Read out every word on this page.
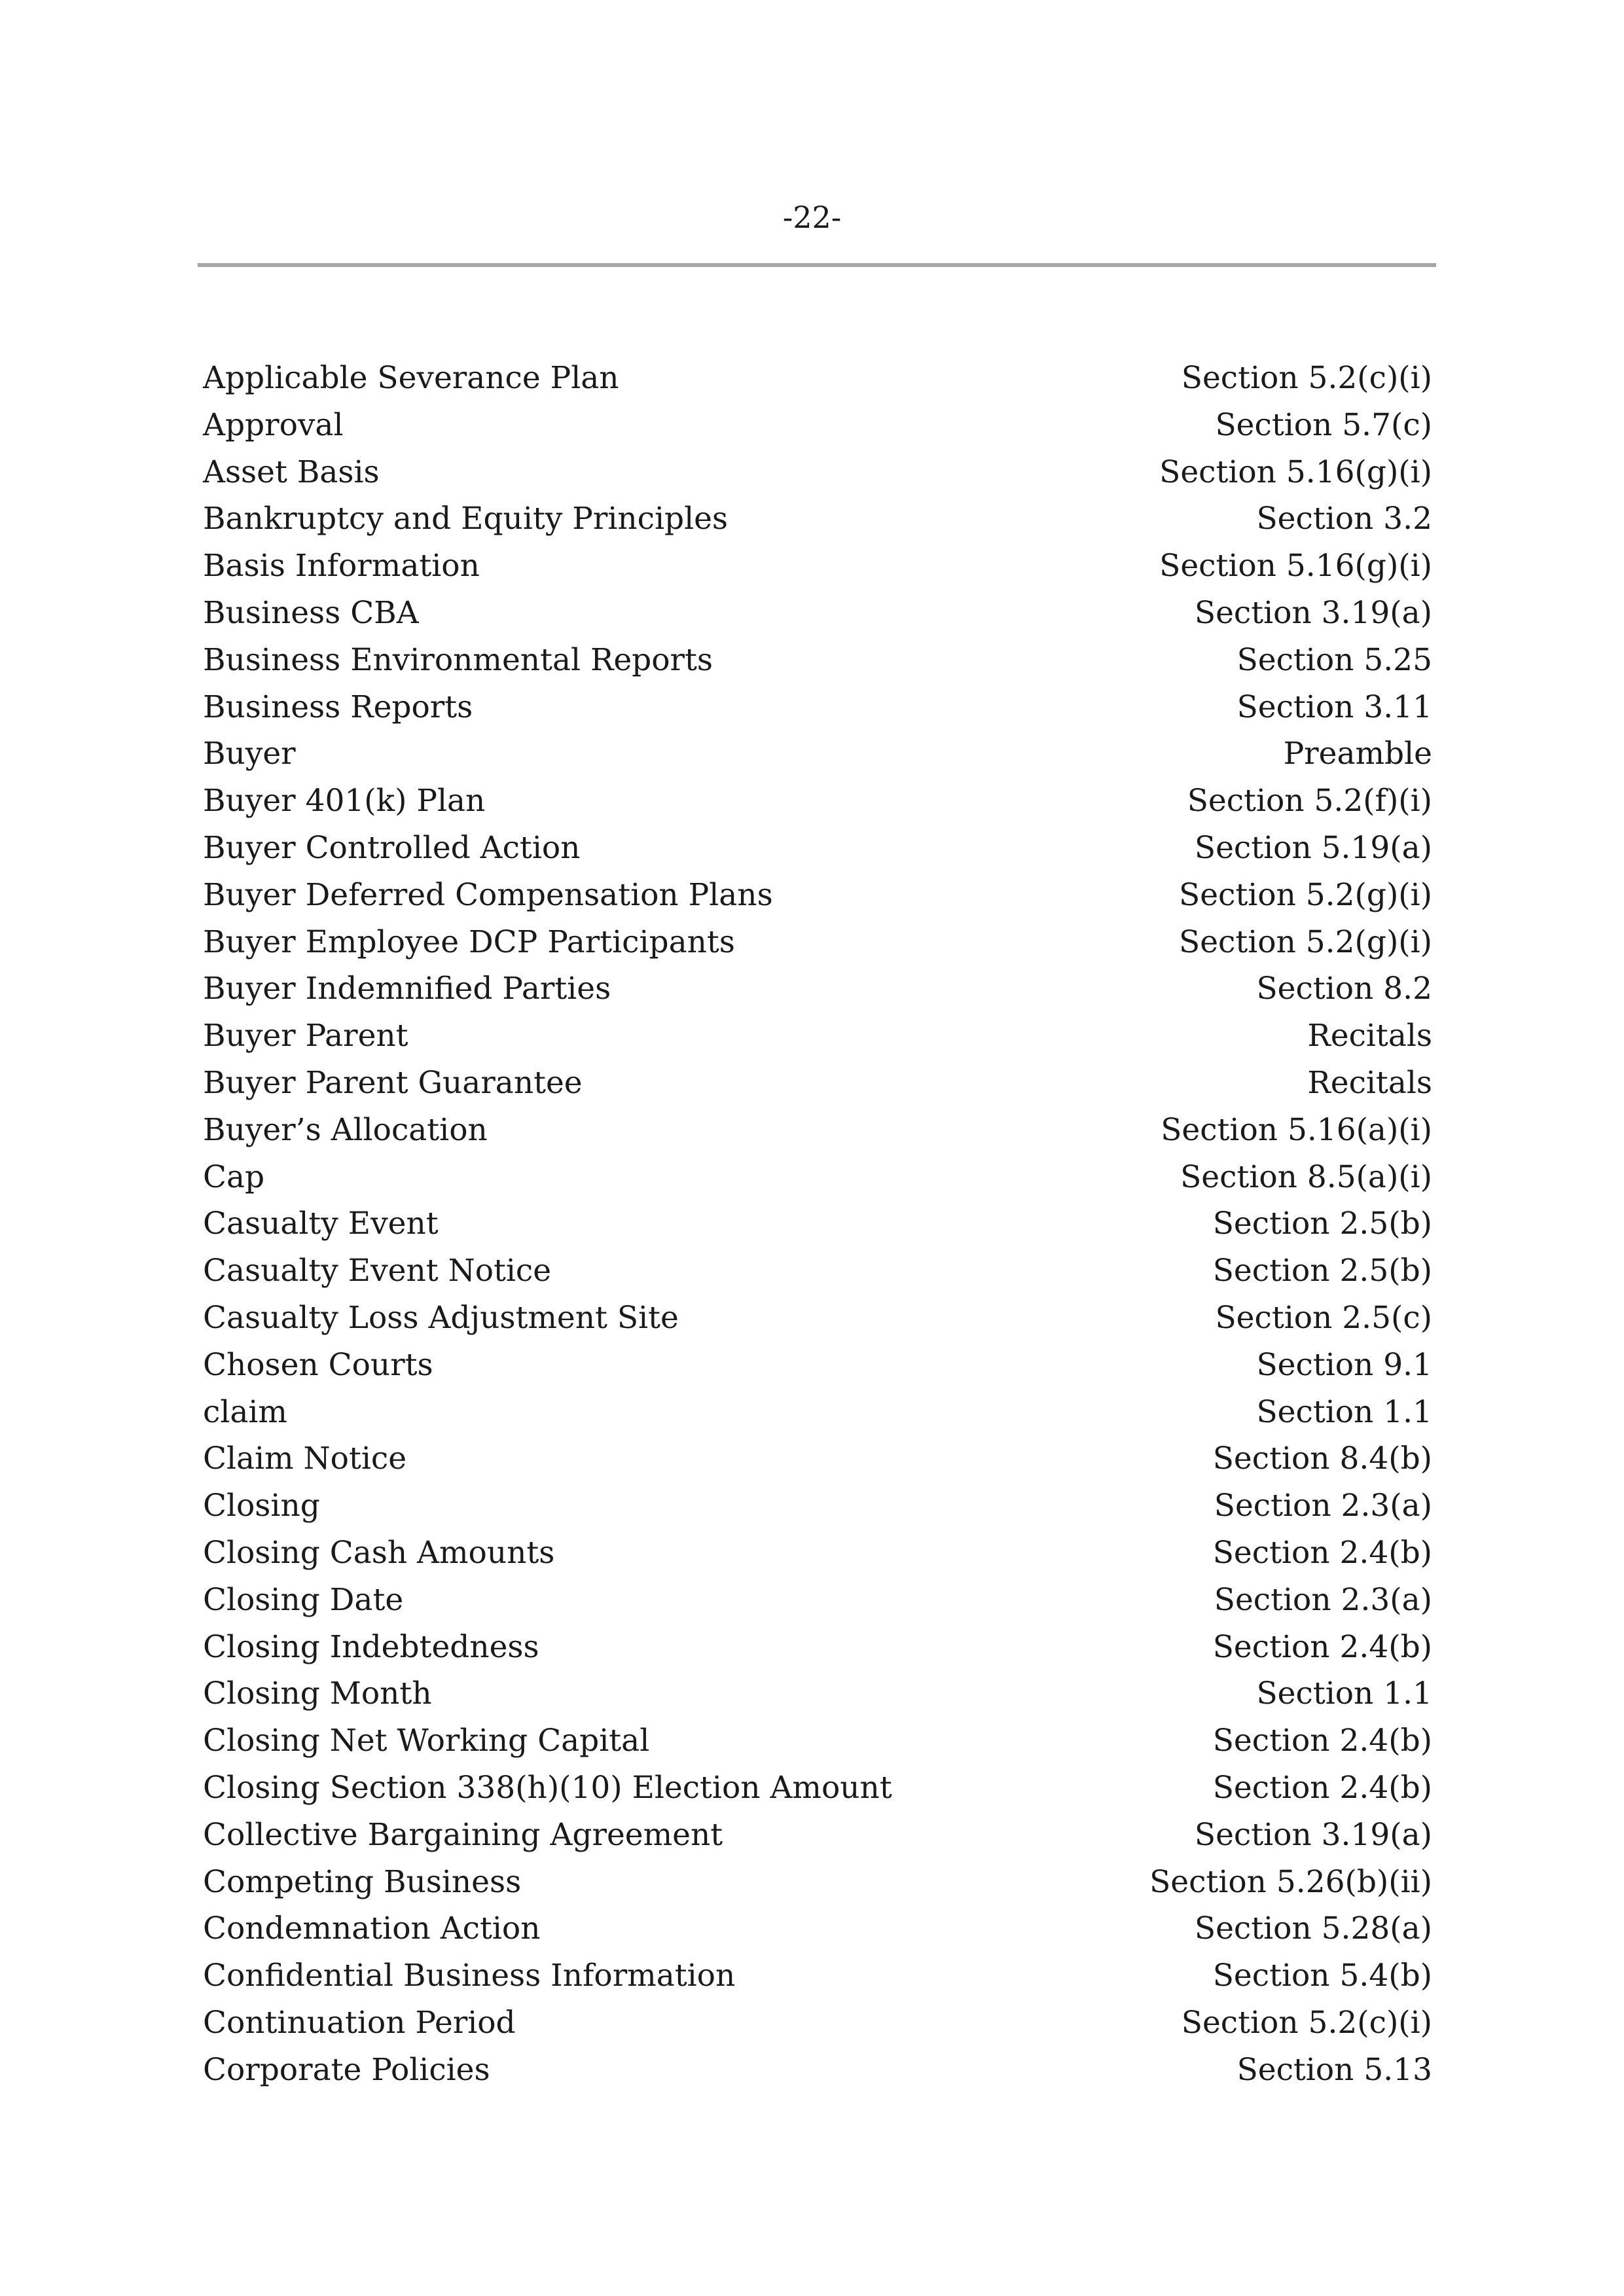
-22-
Applicable Severance Plan	Section 5.2(c)(i)
Approval	Section 5.7(c)
Asset Basis	Section 5.16(g)(i)
Bankruptcy and Equity Principles	Section 3.2
Basis Information	Section 5.16(g)(i)
Business CBA	Section 3.19(a)
Business Environmental Reports	Section 5.25
Business Reports	Section 3.11
Buyer	Preamble
Buyer 401(k) Plan	Section 5.2(f)(i)
Buyer Controlled Action	Section 5.19(a)
Buyer Deferred Compensation Plans	Section 5.2(g)(i)
Buyer Employee DCP Participants	Section 5.2(g)(i)
Buyer Indemnified Parties	Section 8.2
Buyer Parent	Recitals
Buyer Parent Guarantee	Recitals
Buyer’s Allocation	Section 5.16(a)(i)
Cap	Section 8.5(a)(i)
Casualty Event	Section 2.5(b)
Casualty Event Notice	Section 2.5(b)
Casualty Loss Adjustment Site	Section 2.5(c)
Chosen Courts	Section 9.1
claim	Section 1.1
Claim Notice	Section 8.4(b)
Closing	Section 2.3(a)
Closing Cash Amounts	Section 2.4(b)
Closing Date	Section 2.3(a)
Closing Indebtedness	Section 2.4(b)
Closing Month	Section 1.1
Closing Net Working Capital	Section 2.4(b)
Closing Section 338(h)(10) Election Amount	Section 2.4(b)
Collective Bargaining Agreement	Section 3.19(a)
Competing Business	Section 5.26(b)(ii)
Condemnation Action	Section 5.28(a)
Confidential Business Information	Section 5.4(b)
Continuation Period	Section 5.2(c)(i)
Corporate Policies	Section 5.13
